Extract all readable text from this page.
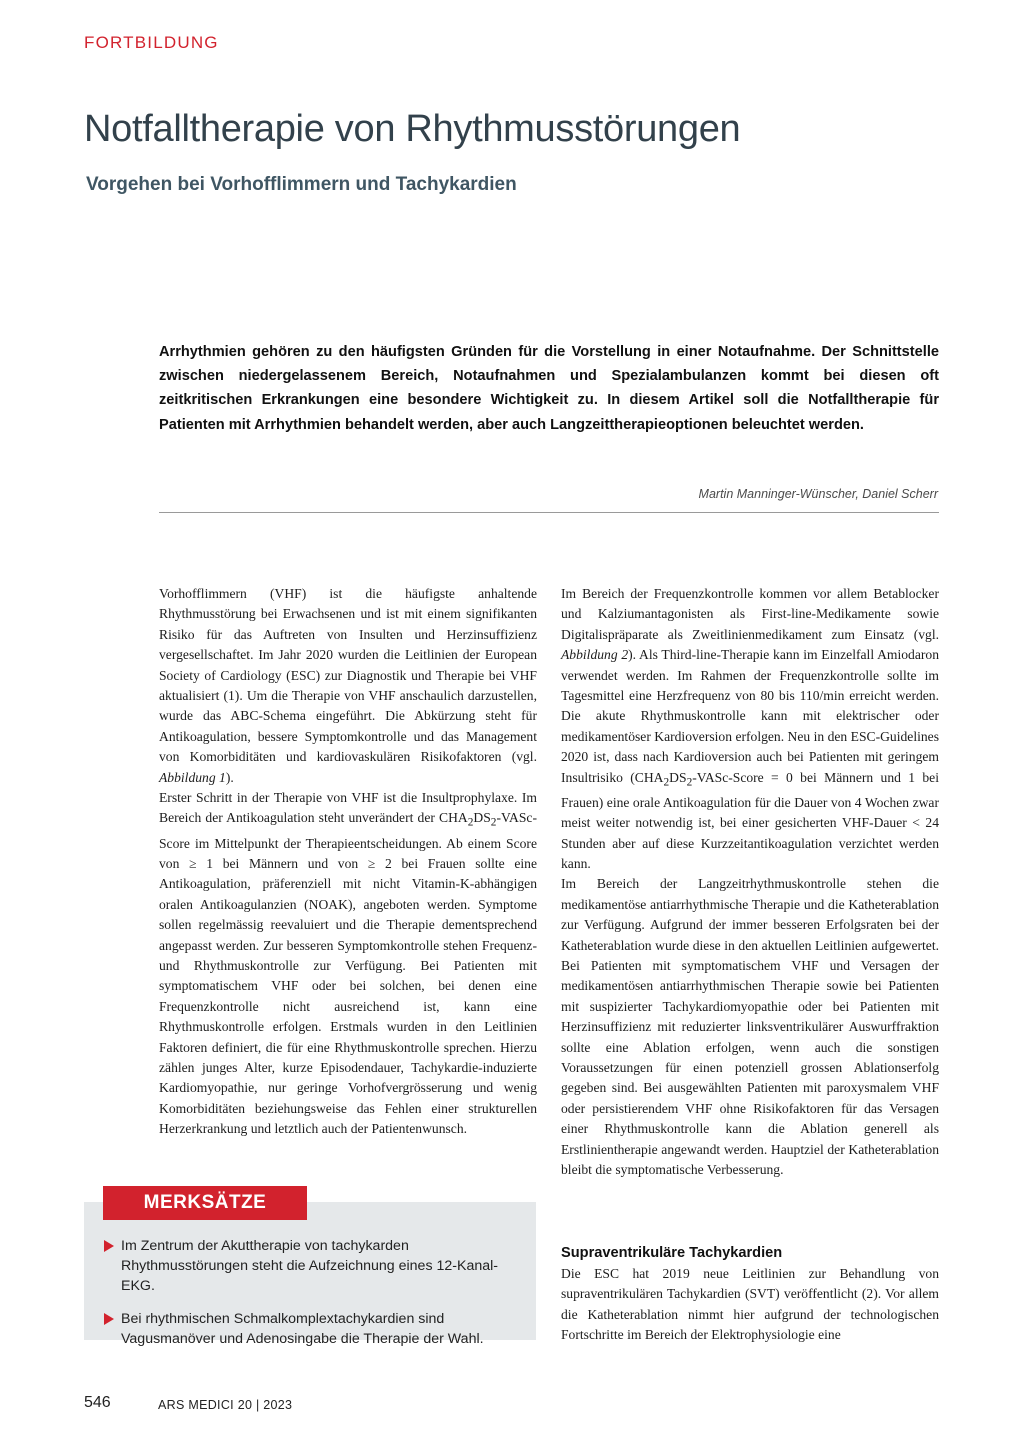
FORTBILDUNG
Notfalltherapie von Rhythmusstörungen
Vorgehen bei Vorhofflimmern und Tachykardien

Arrhythmien gehören zu den häufigsten Gründen für die Vorstellung in einer Notaufnahme. Der Schnittstelle zwischen niedergelassenem Bereich, Notaufnahmen und Spezialambulanzen kommt bei diesen oft zeitkritischen Erkrankungen eine besondere Wichtigkeit zu. In diesem Artikel soll die Notfalltherapie für Patienten mit Arrhythmien behandelt werden, aber auch Langzeittherapieoptionen beleuchtet werden.

Martin Manninger-Wünscher, Daniel Scherr

Vorhofflimmern (VHF) ist die häufigste anhaltende Rhythmusstörung bei Erwachsenen und ist mit einem signifikanten Risiko für das Auftreten von Insulten und Herzinsuffizienz vergesellschaftet. Im Jahr 2020 wurden die Leitlinien der European Society of Cardiology (ESC) zur Diagnostik und Therapie bei VHF aktualisiert (1). Um die Therapie von VHF anschaulich darzustellen, wurde das ABC-Schema eingeführt. Die Abkürzung steht für Antikoagulation, bessere Symptomkontrolle und das Management von Komorbiditäten und kardiovaskulären Risikofaktoren (vgl. Abbildung 1).

Erster Schritt in der Therapie von VHF ist die Insultprophylaxe. Im Bereich der Antikoagulation steht unverändert der $CHA_2DS_2-VASc$-Score im Mittelpunkt der Therapieentscheidungen. Ab einem Score von ≥ 1 bei Männern und von ≥ 2 bei Frauen sollte eine Antikoagulation, präferenziell mit nicht Vitamin-K-abhängigen oralen Antikoagulanzien (NOAK), angeboten werden. Symptome sollen regelmässig reevaluiert und die Therapie dementsprechend angepasst werden. Zur besseren Symptomkontrolle stehen Frequenz- und Rhythmuskontrolle zur Verfügung. Bei Patienten mit symptomatischem VHF oder bei solchen, bei denen eine Frequenzkontrolle nicht ausreichend ist, kann eine Rhythmuskontrolle erfolgen. Erstmals wurden in den Leitlinien Faktoren definiert, die für eine Rhythmuskontrolle sprechen. Hierzu zählen junges Alter, kurze Episodendauer, Tachykardie-induzierte Kardiomyopathie, nur geringe Vorhofvergrösserung und wenig Komorbiditäten beziehungsweise das Fehlen einer strukturellen Herzerkrankung und letztlich auch der Patientenwunsch.

Im Bereich der Frequenzkontrolle kommen vor allem Betablocker und Kalziumantagonisten als First-line-Medikamente sowie Digitalispräparate als Zweitlinienmedikament zum Einsatz (vgl. Abbildung 2). Als Third-line-Therapie kann im Einzelfall Amiodaron verwendet werden. Im Rahmen der Frequenzkontrolle sollte im Tagesmittel eine Herzfrequenz von 80 bis 110/min erreicht werden. Die akute Rhythmuskontrolle kann mit elektrischer oder medikamentöser Kardioversion erfolgen. Neu in den ESC-Guidelines 2020 ist, dass nach Kardioversion auch bei Patienten mit geringem Insultrisiko ($CHA_2DS_2-VASc$-Score = 0 bei Männern und 1 bei Frauen) eine orale Antikoagulation für die Dauer von 4 Wochen zwar meist weiter notwendig ist, bei einer gesicherten VHF-Dauer < 24 Stunden aber auf diese Kurzzeitantikoagulation verzichtet werden kann.

Im Bereich der Langzeitrhythmuskontrolle stehen die medikamentöse antiarrhythmische Therapie und die Katheterablation zur Verfügung. Aufgrund der immer besseren Erfolgsraten bei der Katheterablation wurde diese in den aktuellen Leitlinien aufgewertet. Bei Patienten mit symptomatischem VHF und Versagen der medikamentösen antiarrhythmischen Therapie sowie bei Patienten mit suspizierter Tachykardiomyopathie oder bei Patienten mit Herzinsuffizienz mit reduzierter linksventrikulärer Auswurffraktion sollte eine Ablation erfolgen, wenn auch die sonstigen Voraussetzungen für einen potenziell grossen Ablationserfolg gegeben sind. Bei ausgewählten Patienten mit paroxysmalem VHF oder persistierendem VHF ohne Risikofaktoren für das Versagen einer Rhythmuskontrolle kann die Ablation generell als Erstlinientherapie angewandt werden. Hauptziel der Katheterablation bleibt die symptomatische Verbesserung.

Supraventrikuläre Tachykardien

Die ESC hat 2019 neue Leitlinien zur Behandlung von supraventrikulären Tachykardien (SVT) veröffentlicht (2). Vor allem die Katheterablation nimmt hier aufgrund der technologischen Fortschritte im Bereich der Elektrophysiologie eine

MERKSÄTZE
Im Zentrum der Akuttherapie von tachykarden Rhythmusstörungen steht die Aufzeichnung eines 12-Kanal-EKG.
Bei rhythmischen Schmalkomplextachykardien sind Vagusmanöver und Adenosingabe die Therapie der Wahl.
546	ARS MEDICI 20 | 2023
